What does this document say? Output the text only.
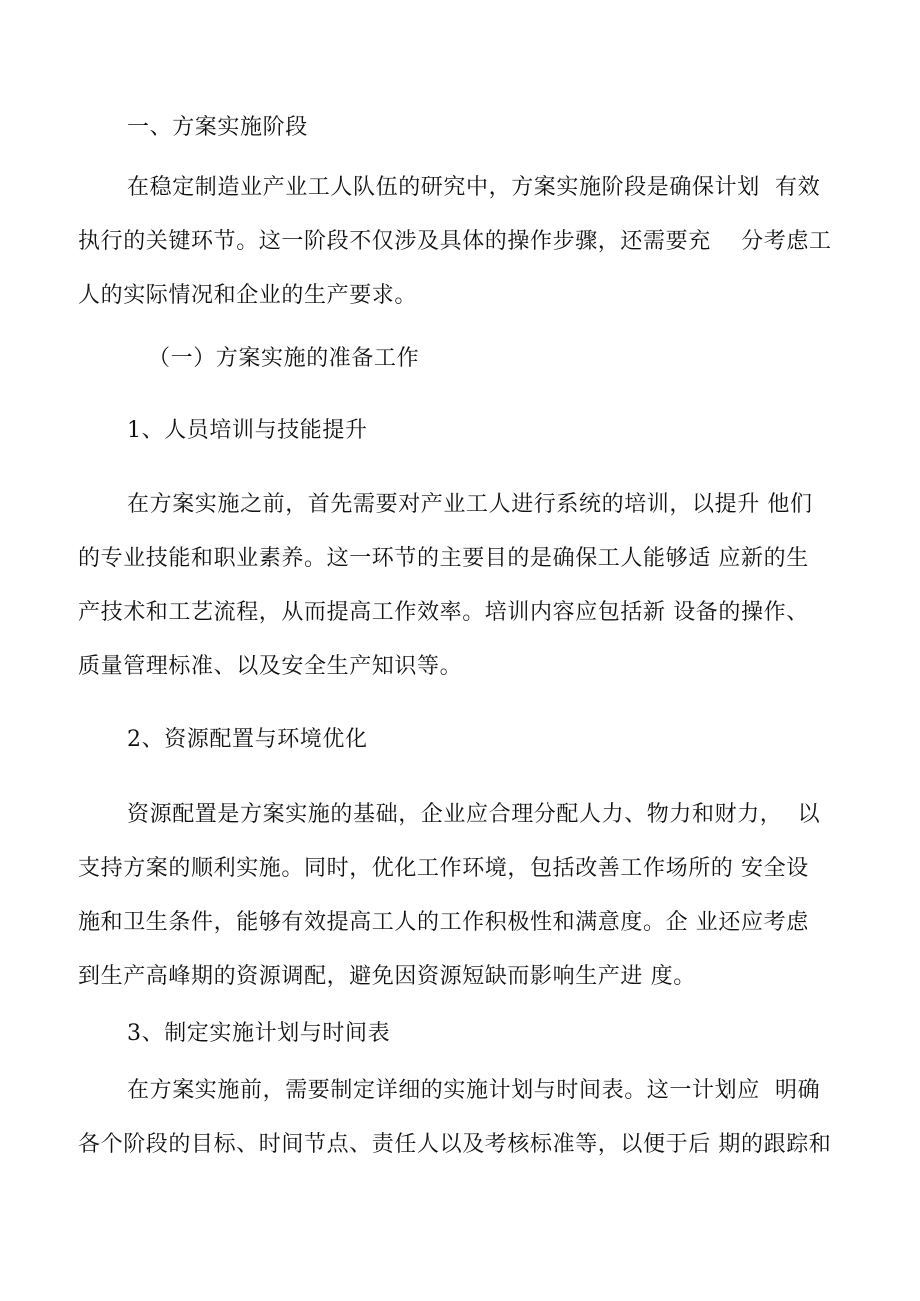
一、方案实施阶段
在稳定制造业产业工人队伍的研究中，方案实施阶段是确保计划  有效
执行的关键环节。这一阶段不仅涉及具体的操作步骤，还需要充    分考虑工
人的实际情况和企业的生产要求。
（一）方案实施的准备工作
1、人员培训与技能提升
在方案实施之前，首先需要对产业工人进行系统的培训，以提升 他们
的专业技能和职业素养。这一环节的主要目的是确保工人能够适 应新的生
产技术和工艺流程，从而提高工作效率。培训内容应包括新 设备的操作、
质量管理标准、以及安全生产知识等。
2、资源配置与环境优化
资源配置是方案实施的基础，企业应合理分配人力、物力和财力，  以
支持方案的顺利实施。同时，优化工作环境，包括改善工作场所的 安全设
施和卫生条件，能够有效提高工人的工作积极性和满意度。企 业还应考虑
到生产高峰期的资源调配，避免因资源短缺而影响生产进 度。
3、制定实施计划与时间表
在方案实施前，需要制定详细的实施计划与时间表。这一计划应  明确
各个阶段的目标、时间节点、责任人以及考核标准等，以便于后 期的跟踪和
